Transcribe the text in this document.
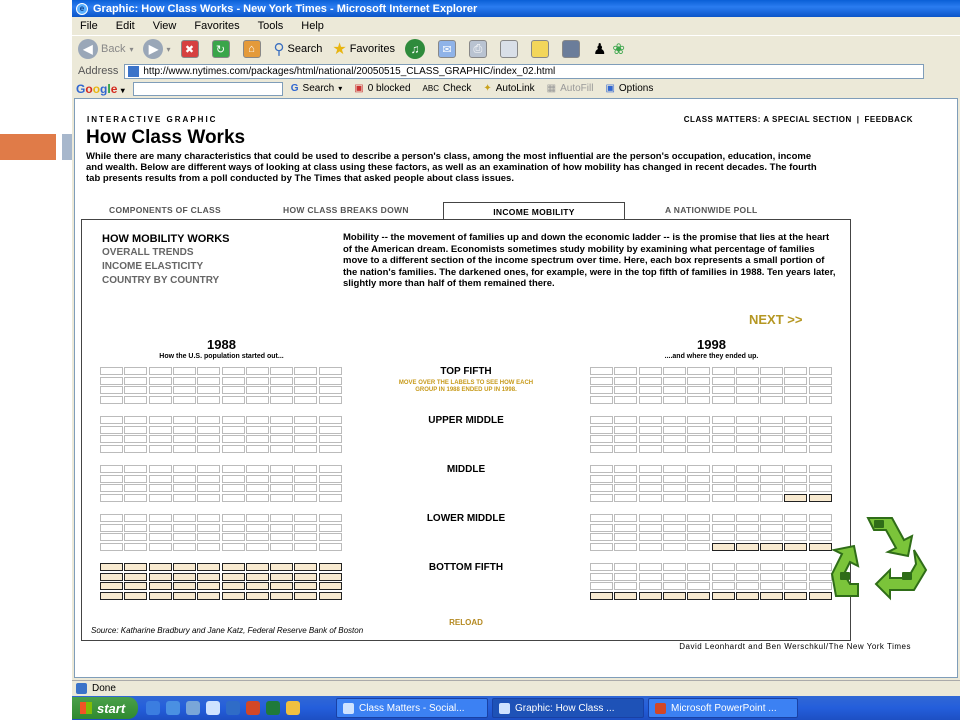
e Graphic: How Class Works - New York Times - Microsoft Internet Explorer
File Edit View Favorites Tools Help
◀ Back ▾	▶	▾	✖	↻	⌂	⚲ Search ★ Favorites	♫	✉	⎙	♟ ❀
Address	http://www.nytimes.com/packages/html/national/20050515_CLASS_GRAPHIC/index_02.html
Google ▾	G Search ▾ ▣ 0 blocked ABC Check ✦ AutoLink ▦ AutoFill ▣ Options
INTERACTIVE GRAPHIC	CLASS MATTERS: A SPECIAL SECTION | FEEDBACK
How Class Works
While there are many characteristics that could be used to describe a person's class, among the most influential are the person's occupation, education, income and wealth. Below are different ways of looking at class using these factors, as well as an examination of how mobility has changed in recent decades. The fourth tab presents results from a poll conducted by The Times that asked people about class issues.
COMPONENTS OF CLASS	HOW CLASS BREAKS DOWN	INCOME MOBILITY	A NATIONWIDE POLL
HOW MOBILITY WORKS
OVERALL TRENDS
INCOME ELASTICITY
COUNTRY BY COUNTRY
Mobility -- the movement of families up and down the economic ladder -- is the promise that lies at the heart of the American dream. Economists sometimes study mobility by examining what percentage of families move to a different section of the income spectrum over time. Here, each box represents a small portion of the nation's families. The darkened ones, for example, were in the top fifth of families in 1988. Ten years later, slightly more than half of them remained there.
NEXT >>
1988
How the U.S. population started out...
1998
....and where they ended up.
TOP FIFTH
MOVE OVER THE LABELS TO SEE HOW EACH GROUP IN 1988 ENDED UP IN 1998.
UPPER MIDDLE
MIDDLE
LOWER MIDDLE
BOTTOM FIFTH
RELOAD
Source: Katharine Bradbury and Jane Katz, Federal Reserve Bank of Boston
David Leonhardt and Ben Werschkul/The New York Times
Done
start	Class Matters - Social...	Graphic: How Class ...	Microsoft PowerPoint ...
